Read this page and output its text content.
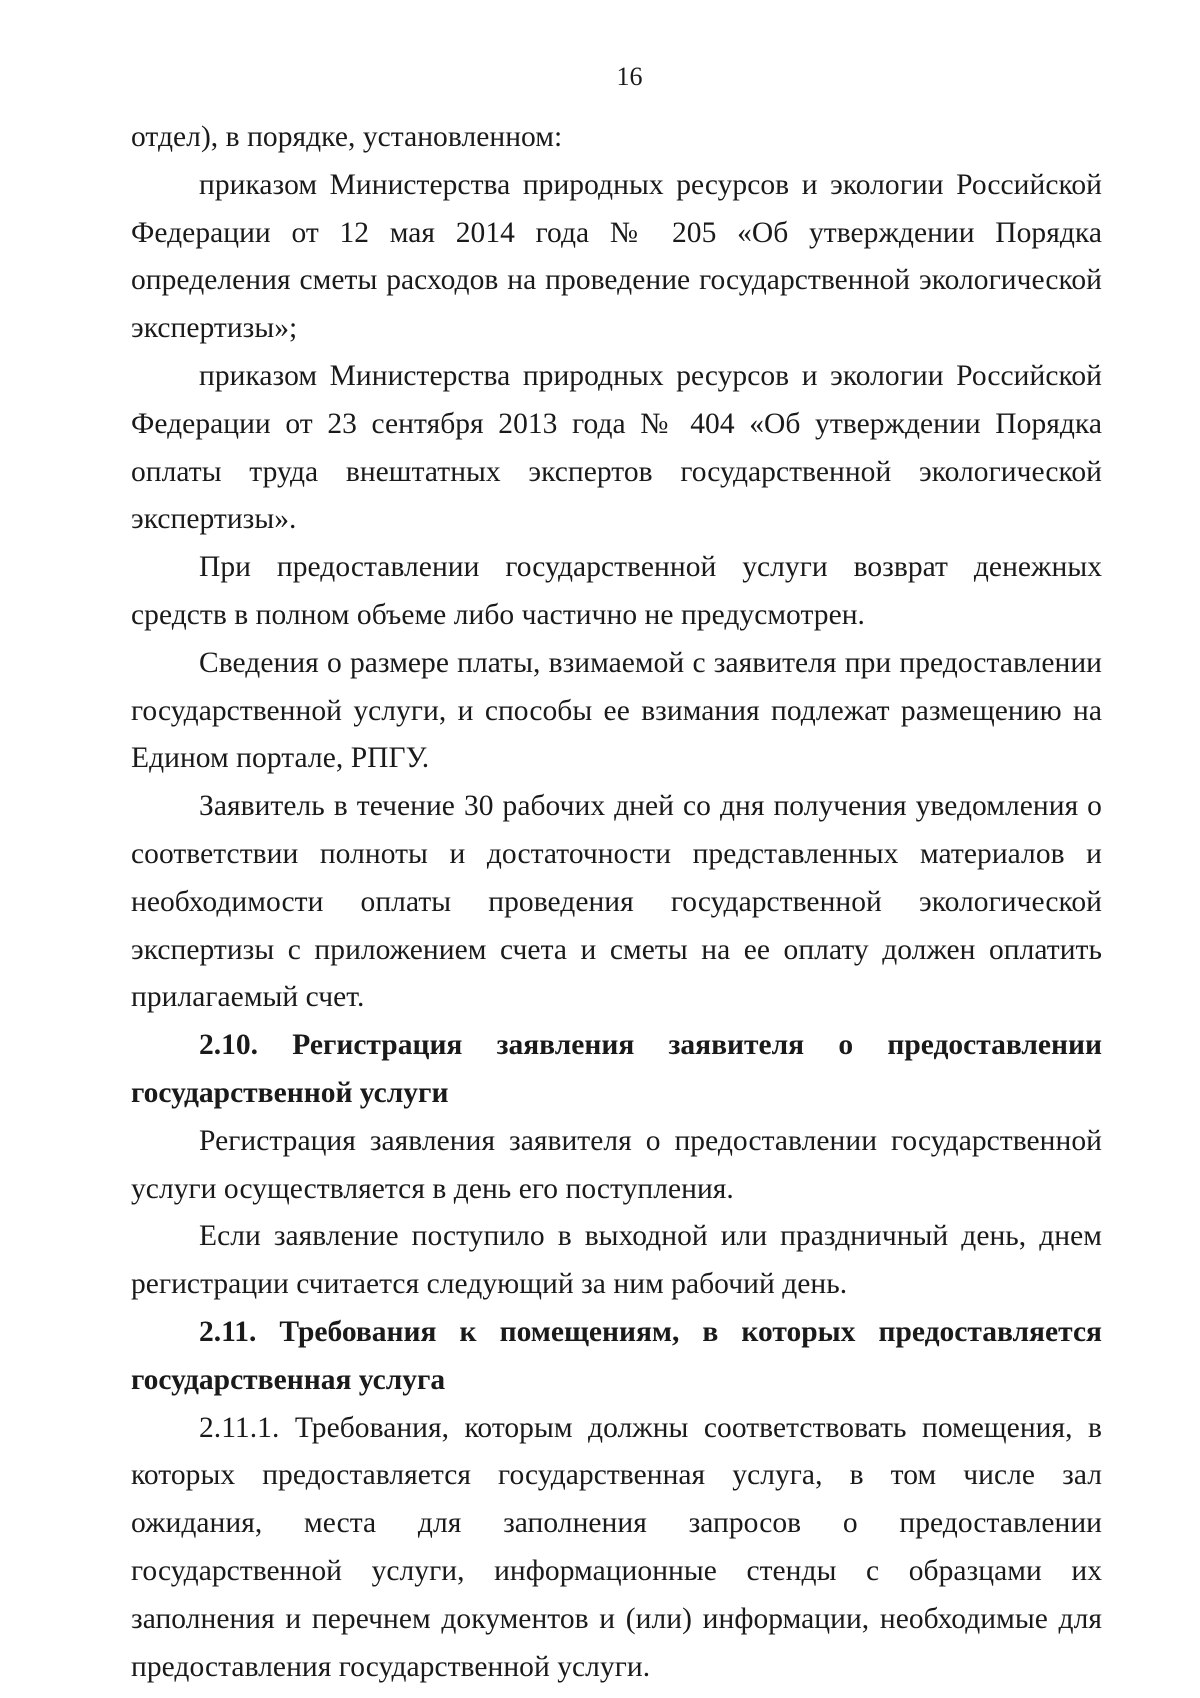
16

отдел), в порядке, установленном:

приказом Министерства природных ресурсов и экологии Российской Федерации от 12 мая 2014 года № 205 «Об утверждении Порядка определения сметы расходов на проведение государственной экологической экспертизы»;

приказом Министерства природных ресурсов и экологии Российской Федерации от 23 сентября 2013 года № 404 «Об утверждении Порядка оплаты труда внештатных экспертов государственной экологической экспертизы».

При предоставлении государственной услуги возврат денежных средств в полном объеме либо частично не предусмотрен.

Сведения о размере платы, взимаемой с заявителя при предоставлении государственной услуги, и способы ее взимания подлежат размещению на Едином портале, РПГУ.

Заявитель в течение 30 рабочих дней со дня получения уведомления о соответствии полноты и достаточности представленных материалов и необходимости оплаты проведения государственной экологической экспертизы с приложением счета и сметы на ее оплату должен оплатить прилагаемый счет.

2.10. Регистрация заявления заявителя о предоставлении государственной услуги

Регистрация заявления заявителя о предоставлении государственной услуги осуществляется в день его поступления.

Если заявление поступило в выходной или праздничный день, днем регистрации считается следующий за ним рабочий день.

2.11. Требования к помещениям, в которых предоставляется государственная услуга

2.11.1. Требования, которым должны соответствовать помещения, в которых предоставляется государственная услуга, в том числе зал ожидания, места для заполнения запросов о предоставлении государственной услуги, информационные стенды с образцами их заполнения и перечнем документов и (или) информации, необходимые для предоставления государственной услуги.
